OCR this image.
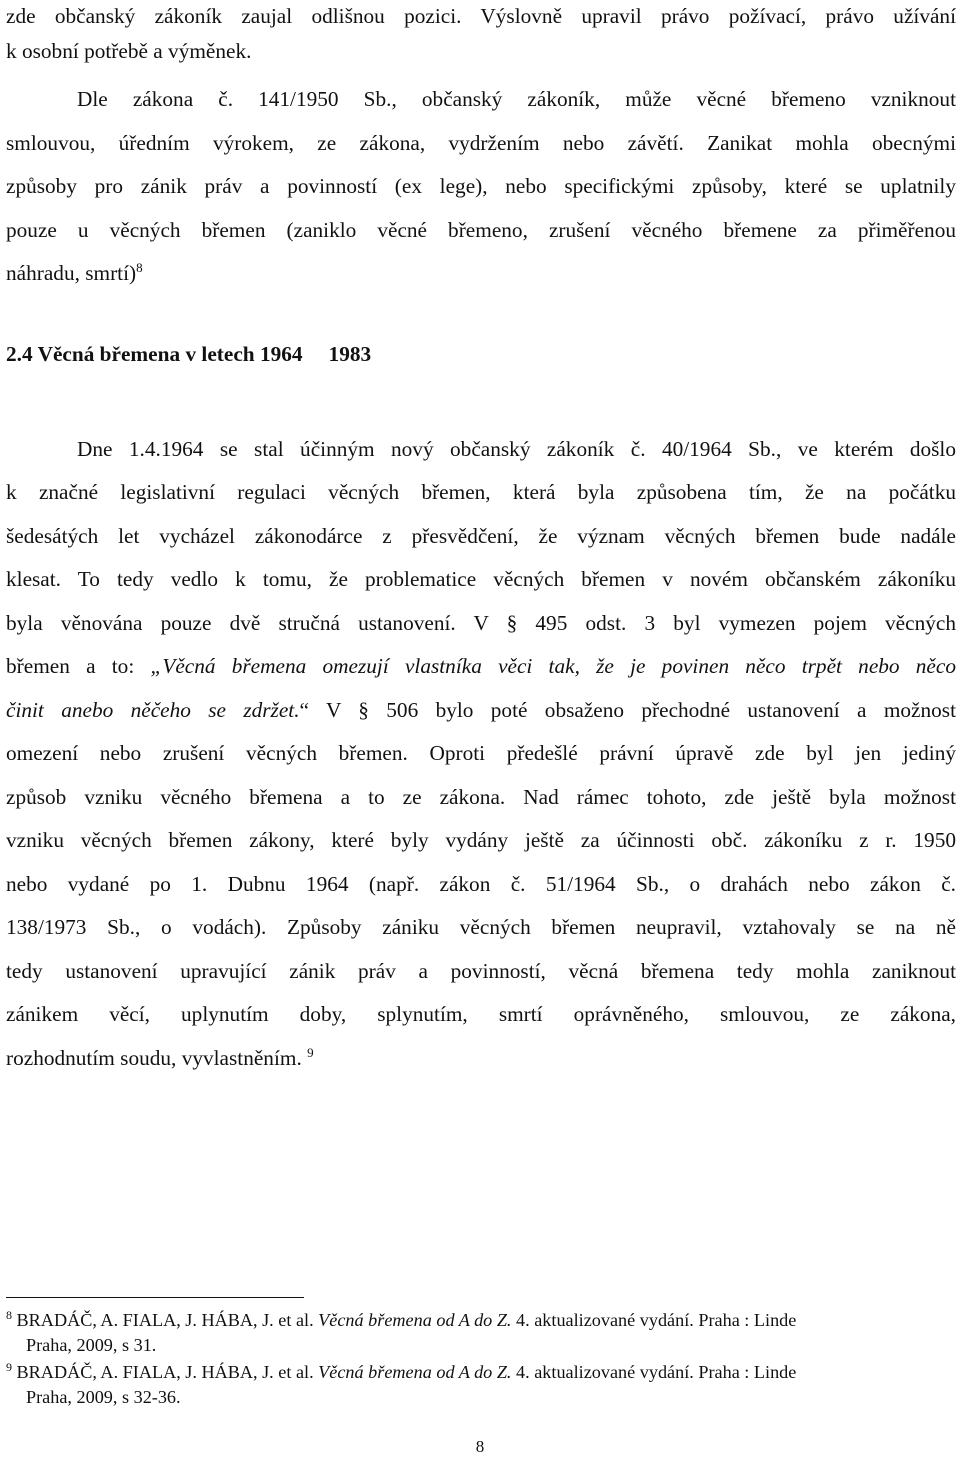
zde občanský zákoník zaujal odlišnou pozici. Výslovně upravil právo požívací, právo užívání
k osobní potřebě a výměnek.
Dle zákona č. 141/1950 Sb., občanský zákoník, může věcné břemeno vzniknout
smlouvou, úředním výrokem, ze zákona, vydržením nebo závětí. Zanikat mohla obecnými
způsoby pro zánik práv a povinností (ex lege), nebo specifickými způsoby, které se uplatnily
pouze u věcných břemen (zaniklo věcné břemeno, zrušení věcného břemene za přiměřenou
náhradu, smrtí)$^8$
2.4 Věcná břemena v letech 1964 1983
Dne 1.4.1964 se stal účinným nový občanský zákoník č. 40/1964 Sb., ve kterém došlo
k značné legislativní regulaci věcných břemen, která byla způsobena tím, že na počátku
šedesátých let vycházel zákonodárce z přesvědčení, že význam věcných břemen bude nadále
klesat. To tedy vedlo k tomu, že problematice věcných břemen v novém občanském zákoníku
byla věnována pouze dvě stručná ustanovení. V § 495 odst. 3 byl vymezen pojem věcných
břemen a to: „Věcná břemena omezují vlastníka věci tak, že je povinen něco trpět nebo něco
činit anebo něčeho se zdržet.“ V § 506 bylo poté obsaženo přechodné ustanovení a možnost
omezení nebo zrušení věcných břemen. Oproti předešlé právní úpravě zde byl jen jediný
způsob vzniku věcného břemena a to ze zákona. Nad rámec tohoto, zde ještě byla možnost
vzniku věcných břemen zákony, které byly vydány ještě za účinnosti obč. zákoníku z r. 1950
nebo vydané po 1. Dubnu 1964 (např. zákon č. 51/1964 Sb., o drahách nebo zákon č.
138/1973 Sb., o vodách). Způsoby zániku věcných břemen neupravil, vztahovaly se na ně
tedy ustanovení upravující zánik práv a povinností, věcná břemena tedy mohla zaniknout
zánikem věcí, uplynutím doby, splynutím, smrtí oprávněného, smlouvou, ze zákona,
rozhodnutím soudu, vyvlastněním. $^9$
$^8$ BRADÁČ, A. FIALA, J. HÁBA, J. et al. Věcná břemena od A do Z. 4. aktualizované vydání. Praha : Linde
Praha, 2009, s 31.
$^9$ BRADÁČ, A. FIALA, J. HÁBA, J. et al. Věcná břemena od A do Z. 4. aktualizované vydání. Praha : Linde
Praha, 2009, s 32-36.
8
